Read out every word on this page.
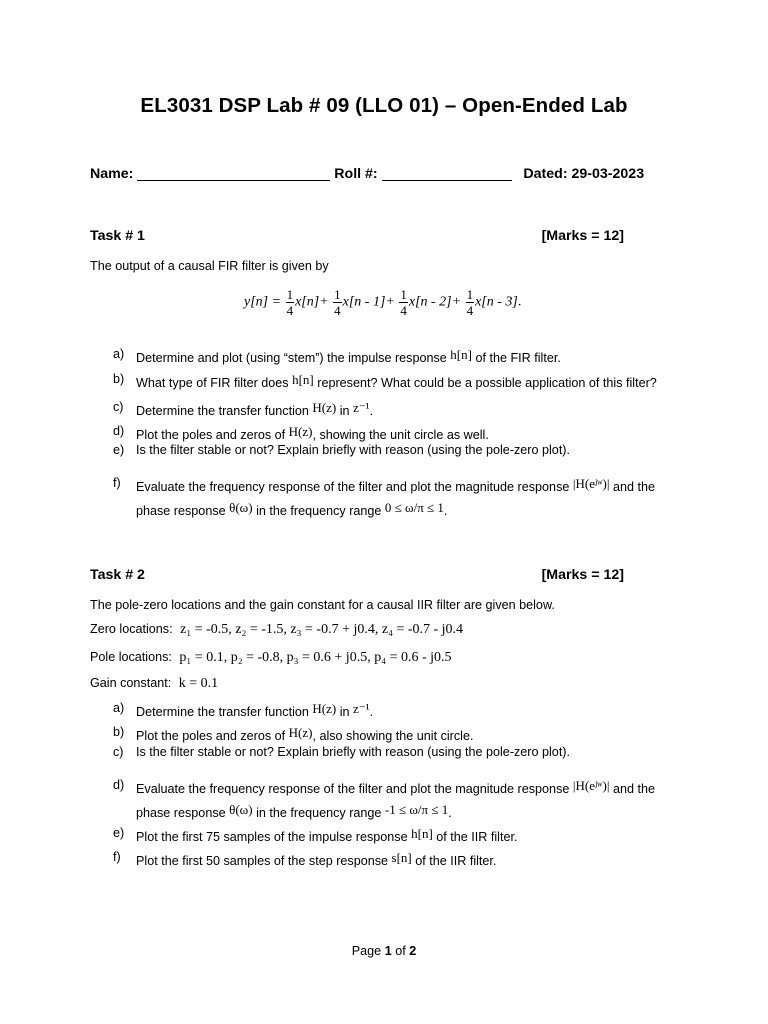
EL3031 DSP Lab # 09 (LLO 01) – Open-Ended Lab
Name:	Roll #:	Dated: 29-03-2023
Task # 1	[Marks = 12]
The output of a causal FIR filter is given by
$y[n] = \frac{1}{4} x[n]+ \frac{1}{4} x[n - 1]+ \frac{1}{4} x[n - 2]+ \frac{1}{4} x[n - 3]$.
a) Determine and plot (using “stem”) the impulse response h[n] of the FIR filter.
b) What type of FIR filter does h[n] represent? What could be a possible application of this filter?
c) Determine the transfer function H(z) in z⁻¹.
d) Plot the poles and zeros of H(z), showing the unit circle as well.
e) Is the filter stable or not? Explain briefly with reason (using the pole-zero plot).
f) Evaluate the frequency response of the filter and plot the magnitude response |H(eʲʷ)| and the
phase response θ(ω) in the frequency range 0 ≤ ω/π ≤ 1.
Task # 2	[Marks = 12]
The pole-zero locations and the gain constant for a causal IIR filter are given below.
Zero locations: z₁ = -0.5, z₂ = -1.5, z₃ = -0.7 + j0.4, z₄ = -0.7 - j0.4
Pole locations: p₁ = 0.1, p₂ = -0.8, p₃ = 0.6 + j0.5, p₄ = 0.6 - j0.5
Gain constant: k = 0.1
a) Determine the transfer function H(z) in z⁻¹.
b) Plot the poles and zeros of H(z), also showing the unit circle.
c) Is the filter stable or not? Explain briefly with reason (using the pole-zero plot).
d) Evaluate the frequency response of the filter and plot the magnitude response |H(eʲʷ)| and the
phase response θ(ω) in the frequency range -1 ≤ ω/π ≤ 1.
e) Plot the first 75 samples of the impulse response h[n] of the IIR filter.
f) Plot the first 50 samples of the step response s[n] of the IIR filter.
Page 1 of 2
